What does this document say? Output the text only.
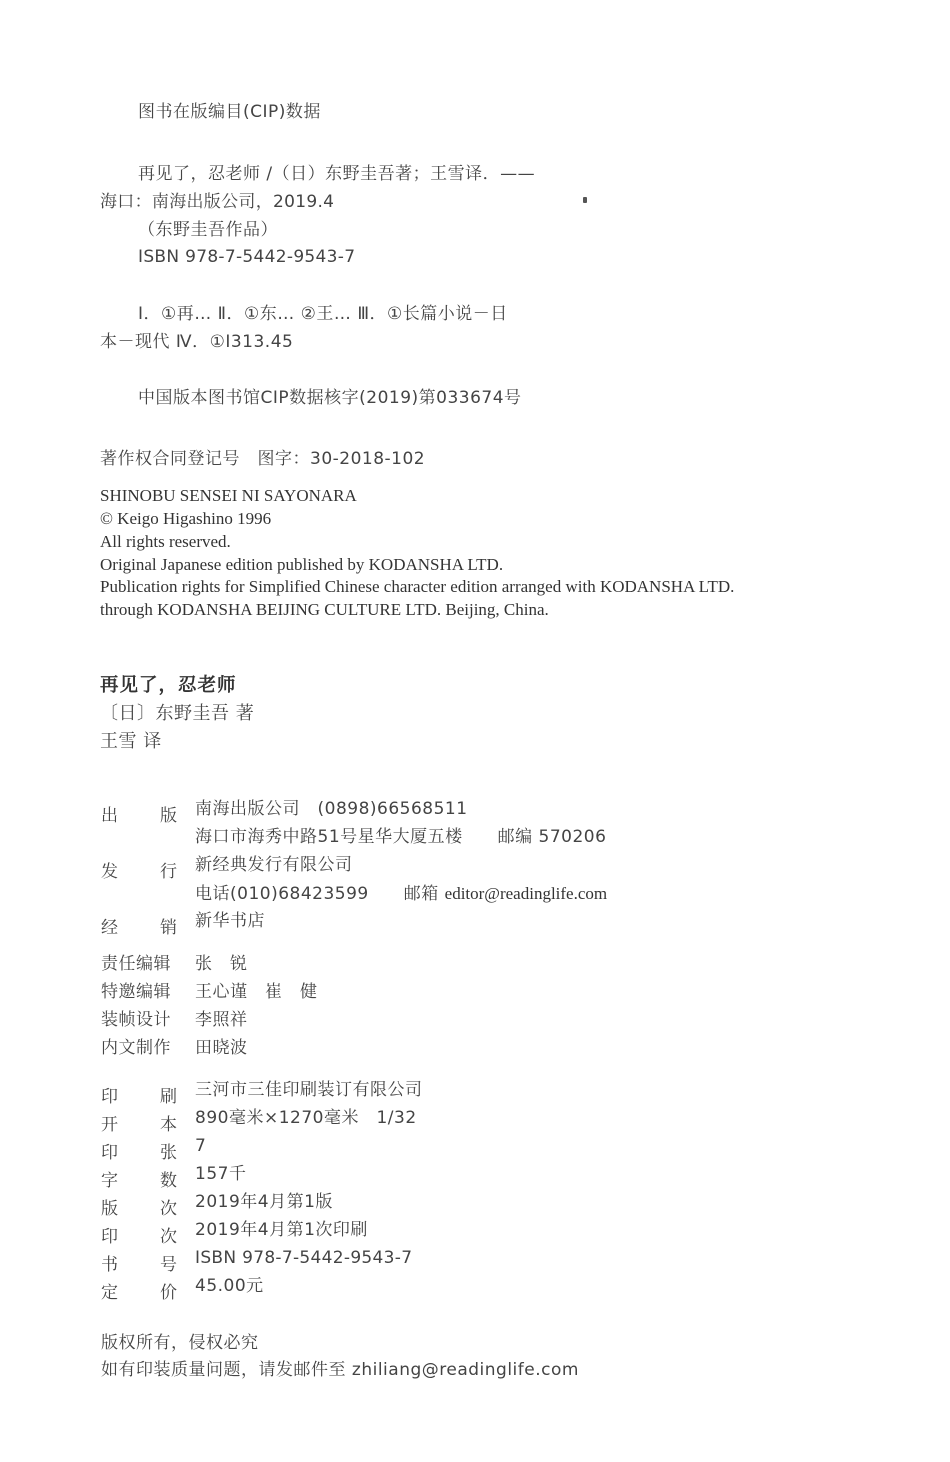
图书在版编目(CIP)数据
再见了，忍老师 /（日）东野圭吾著；王雪译．——
海口：南海出版公司，2019.4
（东野圭吾作品）
ISBN 978-7-5442-9543-7
Ⅰ．①再… Ⅱ．①东… ②王… Ⅲ．①长篇小说－日
本－现代 Ⅳ．①I313.45
中国版本图书馆CIP数据核字(2019)第033674号
著作权合同登记号　图字：30-2018-102
SHINOBU SENSEI NI SAYONARA
© Keigo Higashino 1996
All rights reserved.
Original Japanese edition published by KODANSHA LTD.
Publication rights for Simplified Chinese character edition arranged with KODANSHA LTD.
through KODANSHA BEIJING CULTURE LTD. Beijing, China.
再见了，忍老师
〔日〕东野圭吾 著
王雪 译
出 版 南海出版公司　(0898)66568511
海口市海秀中路51号星华大厦五楼　　邮编 570206
发 行 新经典发行有限公司
电话(010)68423599　　邮箱 editor@readinglife.com
经 销 新华书店
责任编辑 张　锐
特邀编辑 王心谨　崔　健
装帧设计 李照祥
内文制作 田晓波
印 刷 三河市三佳印刷装订有限公司
开 本 890毫米×1270毫米　1/32
印 张 7
字 数 157千
版 次 2019年4月第1版
印 次 2019年4月第1次印刷
书 号 ISBN 978-7-5442-9543-7
定 价 45.00元
版权所有，侵权必究
如有印装质量问题，请发邮件至 zhiliang@readinglife.com
